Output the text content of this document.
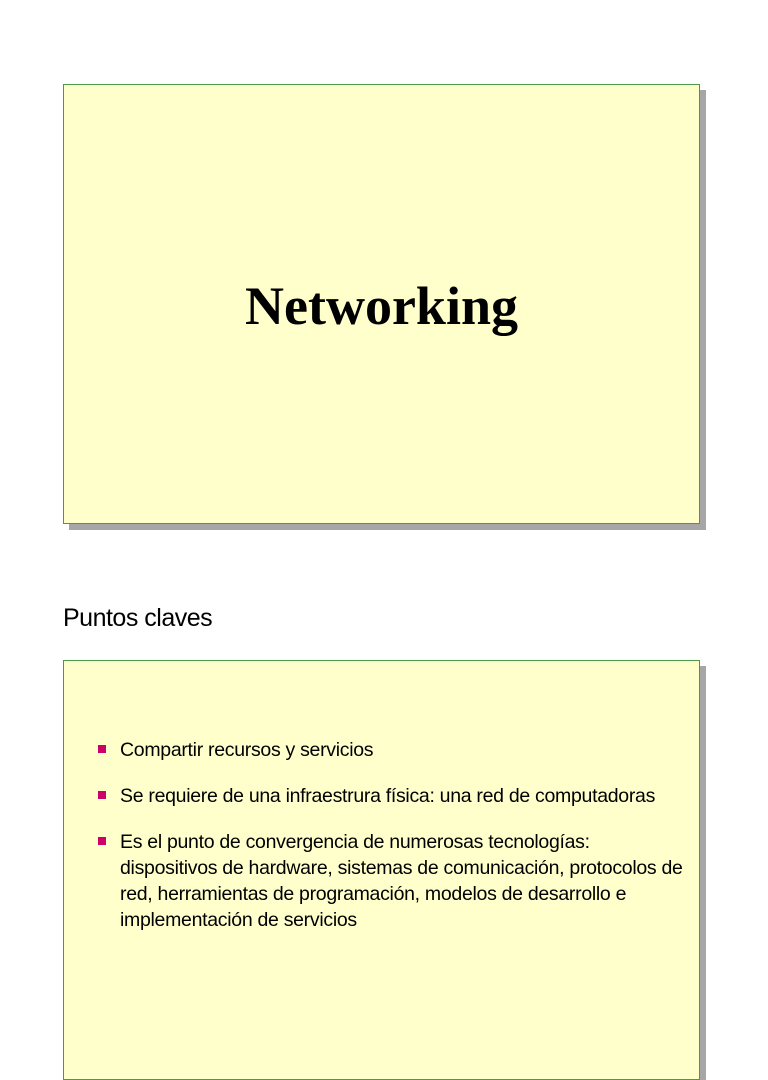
Networking
Puntos claves
Compartir recursos y servicios
Se requiere de una infraestrura física: una red de computadoras
Es el punto de convergencia de numerosas tecnologías: dispositivos de hardware, sistemas de comunicación, protocolos de red, herramientas de programación, modelos de desarrollo e implementación de servicios
